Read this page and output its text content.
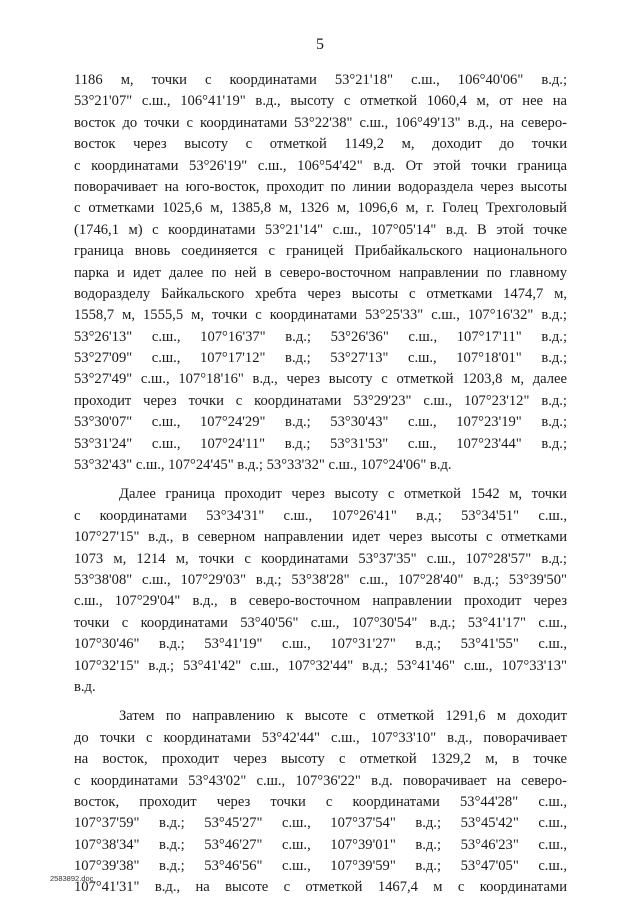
5
1186 м, точки с координатами 53°21'18" с.ш., 106°40'06" в.д.;
53°21'07" с.ш., 106°41'19" в.д., высоту с отметкой 1060,4 м, от нее на
восток до точки с координатами 53°22'38" с.ш., 106°49'13" в.д., на северо-
восток через высоту с отметкой 1149,2 м, доходит до точки
с координатами 53°26'19" с.ш., 106°54'42" в.д. От этой точки граница
поворачивает на юго-восток, проходит по линии водораздела через высоты
с отметками 1025,6 м, 1385,8 м, 1326 м, 1096,6 м, г. Голец Трехголовый
(1746,1 м) с координатами 53°21'14" с.ш., 107°05'14" в.д. В этой точке
граница вновь соединяется с границей Прибайкальского национального
парка и идет далее по ней в северо-восточном направлении по главному
водоразделу Байкальского хребта через высоты с отметками 1474,7 м,
1558,7 м, 1555,5 м, точки с координатами 53°25'33" с.ш., 107°16'32" в.д.;
53°26'13" с.ш., 107°16'37" в.д.; 53°26'36" с.ш., 107°17'11" в.д.;
53°27'09" с.ш., 107°17'12" в.д.; 53°27'13" с.ш., 107°18'01" в.д.;
53°27'49" с.ш., 107°18'16" в.д., через высоту с отметкой 1203,8 м, далее
проходит через точки с координатами 53°29'23" с.ш., 107°23'12" в.д.;
53°30'07" с.ш., 107°24'29" в.д.; 53°30'43" с.ш., 107°23'19" в.д.;
53°31'24" с.ш., 107°24'11" в.д.; 53°31'53" с.ш., 107°23'44" в.д.;
53°32'43" с.ш., 107°24'45" в.д.; 53°33'32" с.ш., 107°24'06" в.д.
Далее граница проходит через высоту с отметкой 1542 м, точки
с координатами 53°34'31" с.ш., 107°26'41" в.д.; 53°34'51" с.ш.,
107°27'15" в.д., в северном направлении идет через высоты с отметками
1073 м, 1214 м, точки с координатами 53°37'35" с.ш., 107°28'57" в.д.;
53°38'08" с.ш., 107°29'03" в.д.; 53°38'28" с.ш., 107°28'40" в.д.; 53°39'50"
с.ш., 107°29'04" в.д., в северо-восточном направлении проходит через
точки с координатами 53°40'56" с.ш., 107°30'54" в.д.; 53°41'17" с.ш.,
107°30'46" в.д.; 53°41'19" с.ш., 107°31'27" в.д.; 53°41'55" с.ш.,
107°32'15" в.д.; 53°41'42" с.ш., 107°32'44" в.д.; 53°41'46" с.ш., 107°33'13"
в.д.
Затем по направлению к высоте с отметкой 1291,6 м доходит
до точки с координатами 53°42'44" с.ш., 107°33'10" в.д., поворачивает
на восток, проходит через высоту с отметкой 1329,2 м, в точке
с координатами 53°43'02" с.ш., 107°36'22" в.д. поворачивает на северо-
восток, проходит через точки с координатами 53°44'28" с.ш.,
107°37'59" в.д.; 53°45'27" с.ш., 107°37'54" в.д.; 53°45'42" с.ш.,
107°38'34" в.д.; 53°46'27" с.ш., 107°39'01" в.д.; 53°46'23" с.ш.,
107°39'38" в.д.; 53°46'56" с.ш., 107°39'59" в.д.; 53°47'05" с.ш.,
107°41'31" в.д., на высоте с отметкой 1467,4 м с координатами
2583892.doc
